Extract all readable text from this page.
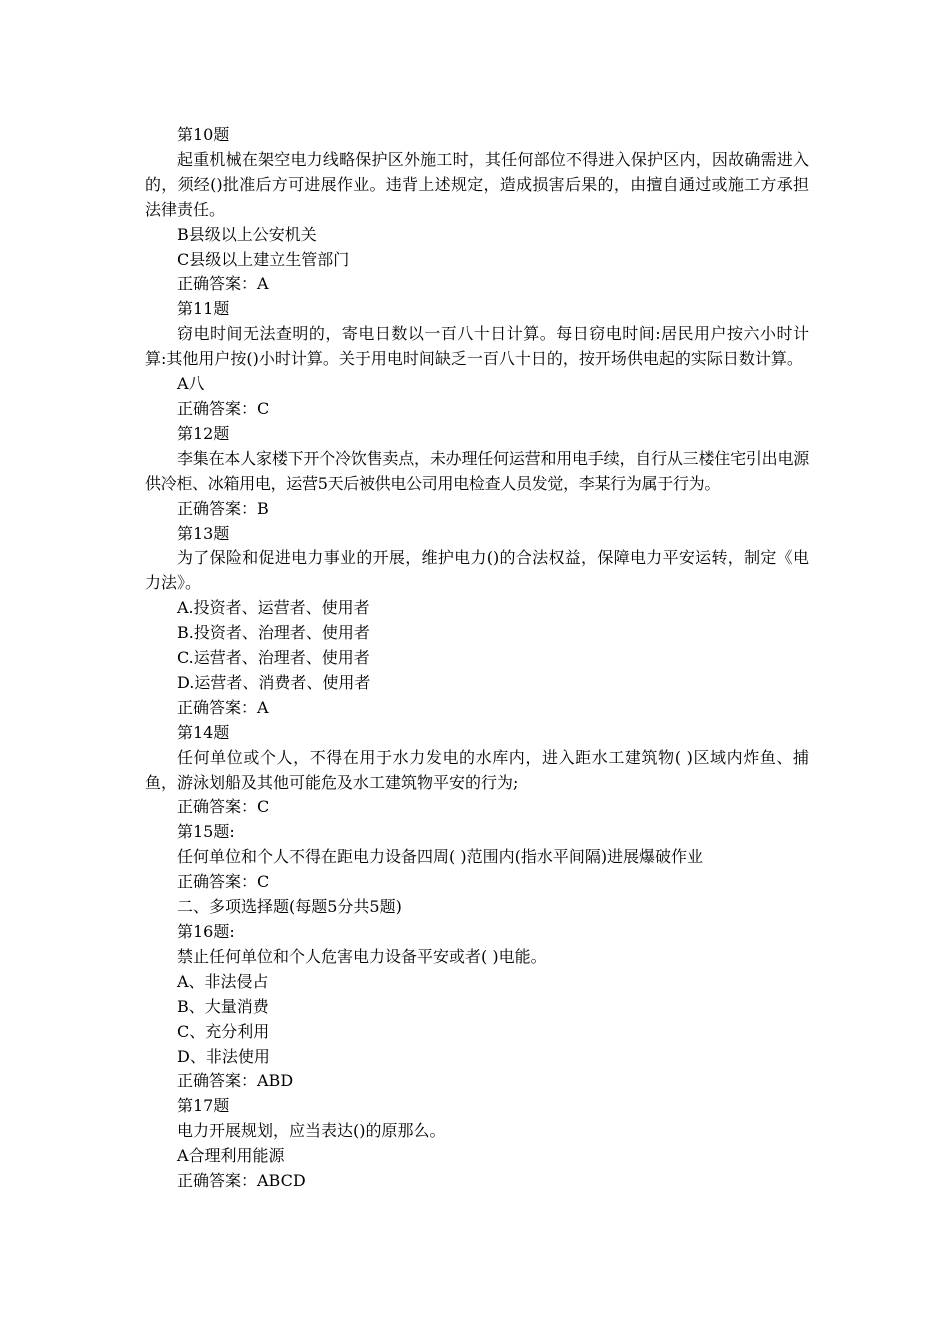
第10题

起重机械在架空电力线略保护区外施工时，其任何部位不得进入保护区内，因故确需进入的，须经()批准后方可进展作业。违背上述规定，造成损害后果的，由擅自通过或施工方承担法律责任。

B县级以上公安机关

C县级以上建立生管部门

正确答案：A

第11题

窃电时间无法查明的，寄电日数以一百八十日计算。每日窃电时间:居民用户按六小时计算:其他用户按()小时计算。关于用电时间缺乏一百八十日的，按开场供电起的实际日数计算。

A八

正确答案：C

第12题

李集在本人家楼下开个冷饮售卖点，未办理任何运营和用电手续，自行从三楼住宅引出电源供冷柜、冰箱用电，运营5天后被供电公司用电检查人员发觉，李某行为属于行为。

正确答案：B

第13题

为了保险和促进电力事业的开展，维护电力()的合法权益，保障电力平安运转，制定《电力法》。

A.投资者、运营者、使用者

B.投资者、治理者、使用者

C.运营者、治理者、使用者

D.运营者、消费者、使用者

正确答案：A

第14题

任何单位或个人，不得在用于水力发电的水库内，进入距水工建筑物( )区域内炸鱼、捕鱼，游泳划船及其他可能危及水工建筑物平安的行为;

正确答案：C

第15题:

任何单位和个人不得在距电力设备四周( )范围内(指水平间隔)进展爆破作业

正确答案：C

二、多项选择题(每题5分共5题)

第16题:

禁止任何单位和个人危害电力设备平安或者( )电能。

A、非法侵占

B、大量消费

C、充分利用

D、非法使用

正确答案：ABD

第17题

电力开展规划，应当表达()的原那么。

A合理利用能源

正确答案：ABCD
